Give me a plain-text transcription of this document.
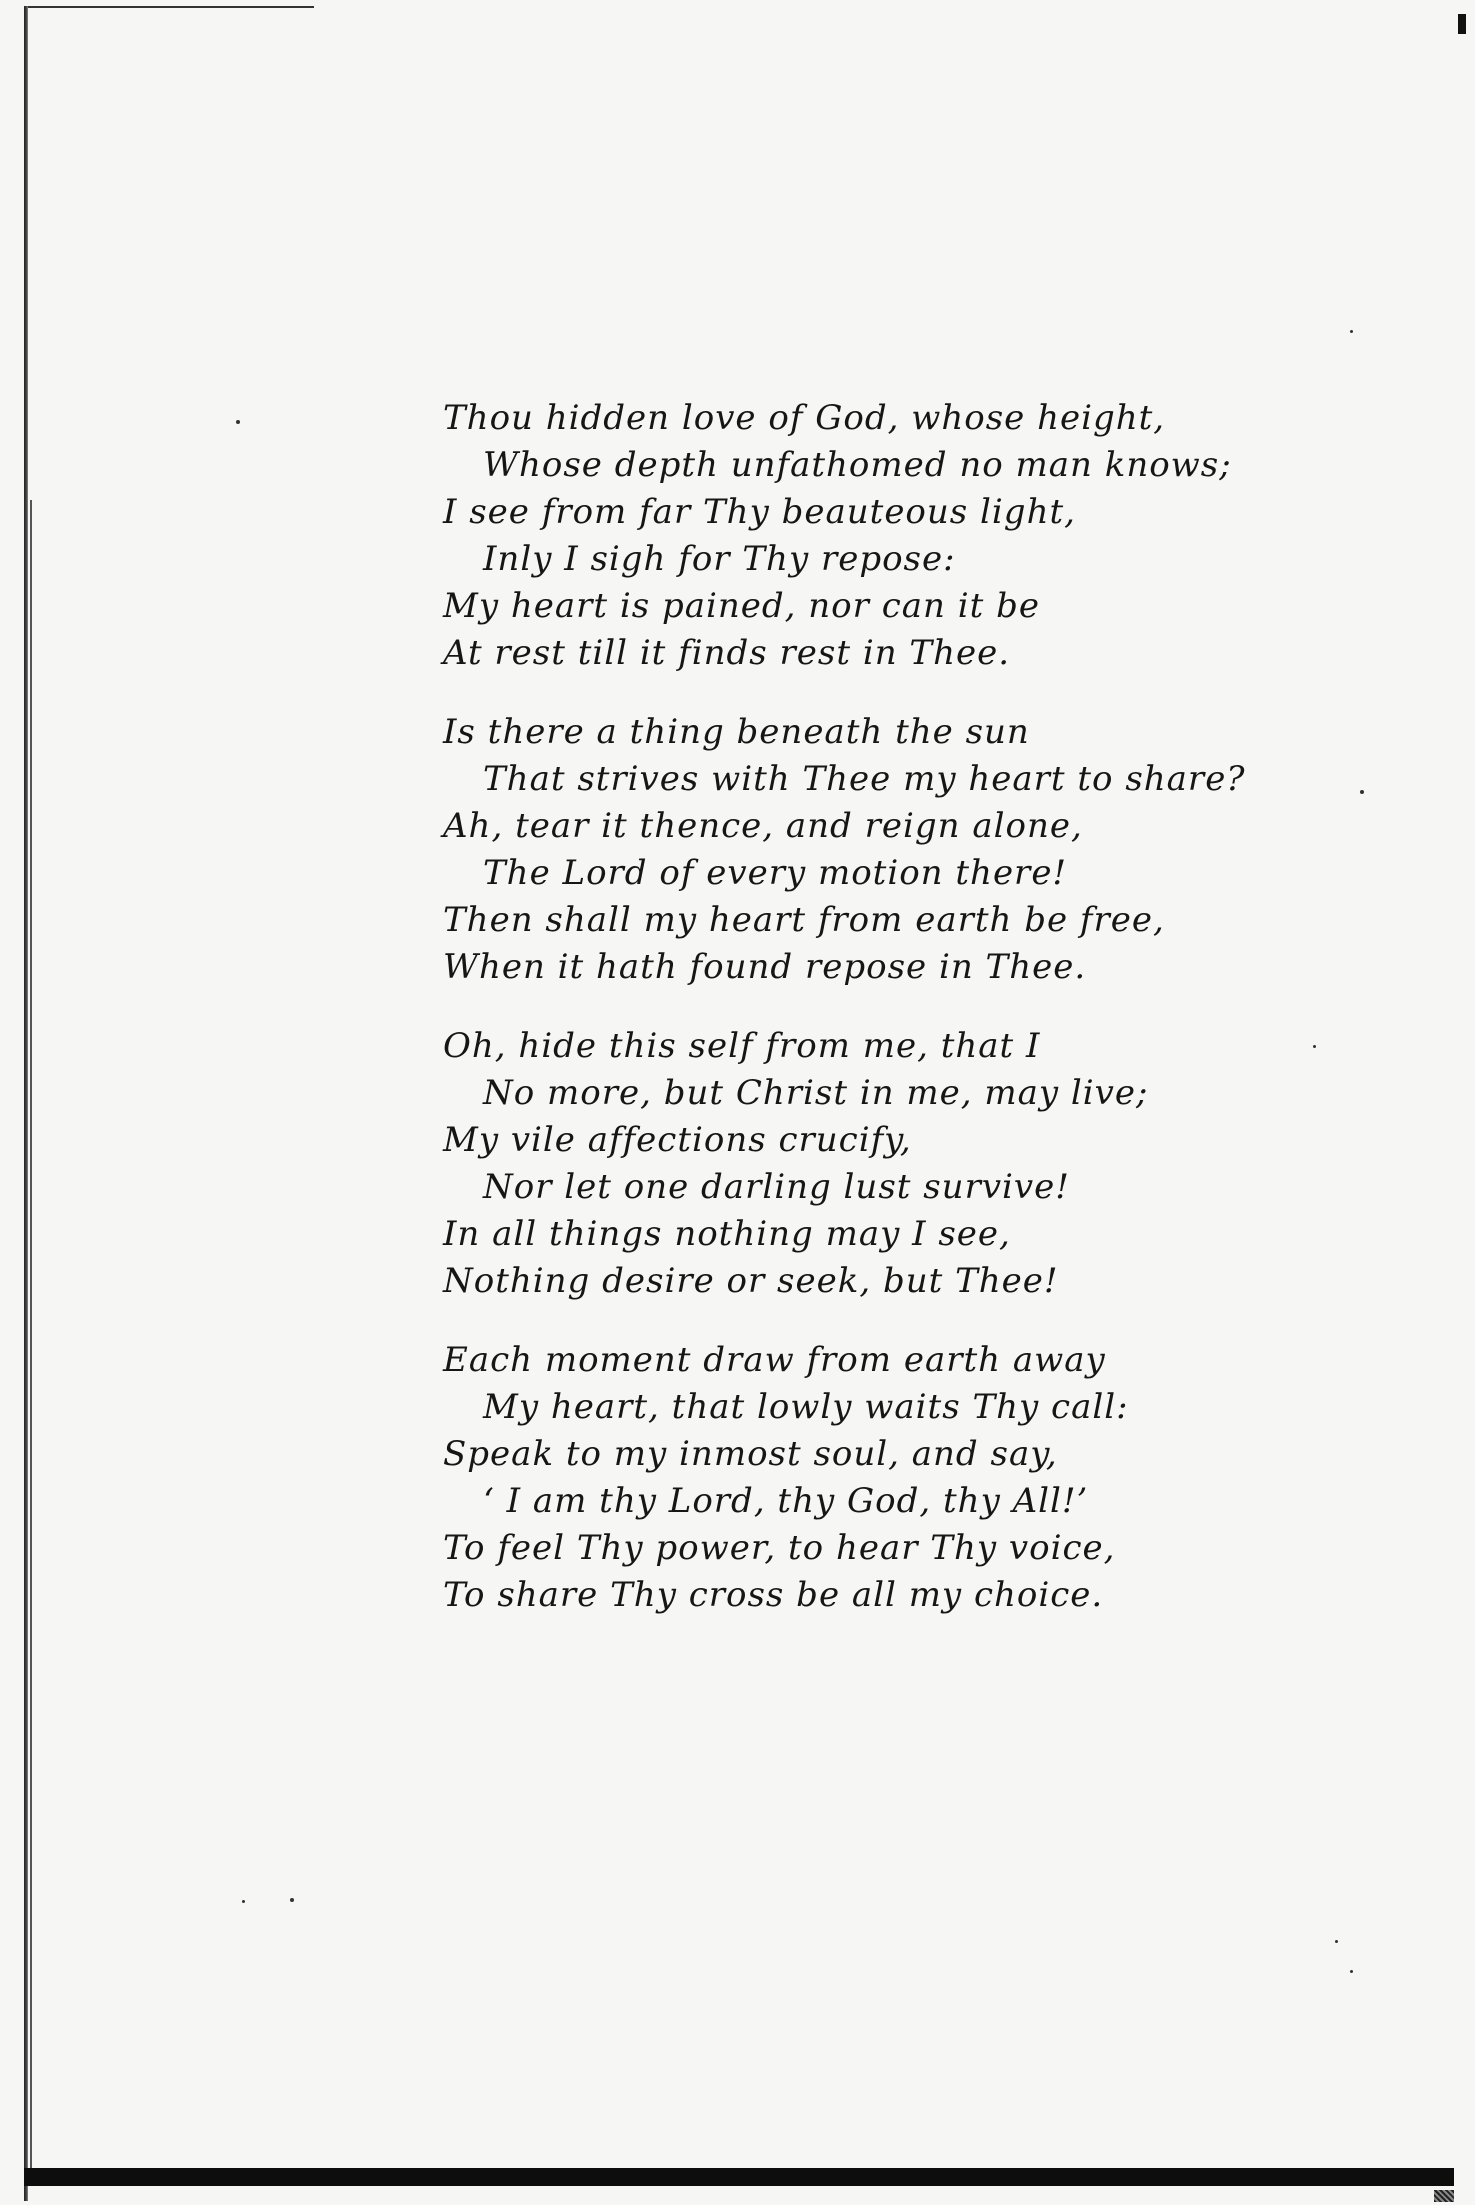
Thou hidden love of God, whose height,
Whose depth unfathomed no man knows;
I see from far Thy beauteous light,
Inly I sigh for Thy repose:
My heart is pained, nor can it be
At rest till it finds rest in Thee.
Is there a thing beneath the sun
That strives with Thee my heart to share?
Ah, tear it thence, and reign alone,
The Lord of every motion there!
Then shall my heart from earth be free,
When it hath found repose in Thee.
Oh, hide this self from me, that I
No more, but Christ in me, may live;
My vile affections crucify,
Nor let one darling lust survive!
In all things nothing may I see,
Nothing desire or seek, but Thee!
Each moment draw from earth away
My heart, that lowly waits Thy call:
Speak to my inmost soul, and say,
‘ I am thy Lord, thy God, thy All!’
To feel Thy power, to hear Thy voice,
To share Thy cross be all my choice.
